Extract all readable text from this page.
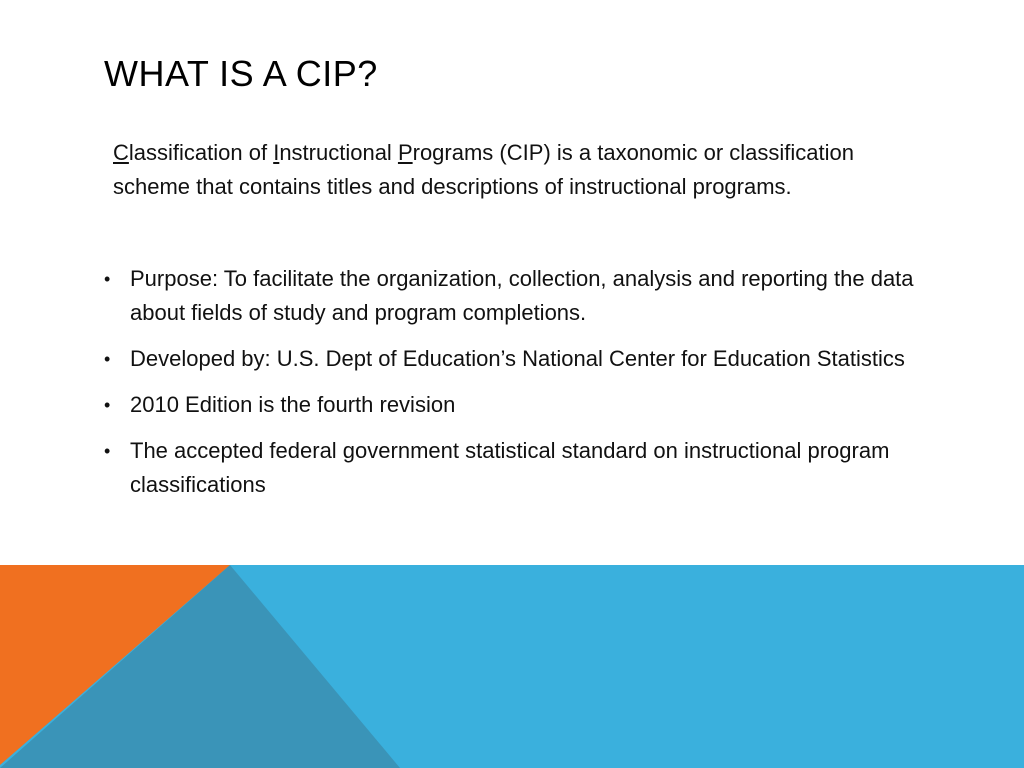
WHAT IS A CIP?

Classification of Instructional Programs (CIP) is a taxonomic or classification scheme that contains titles and descriptions of instructional programs.

• Purpose: To facilitate the organization, collection, analysis and reporting the data about fields of study and program completions.
• Developed by: U.S. Dept of Education’s National Center for Education Statistics
• 2010 Edition is the fourth revision
• The accepted federal government statistical standard on instructional program classifications
